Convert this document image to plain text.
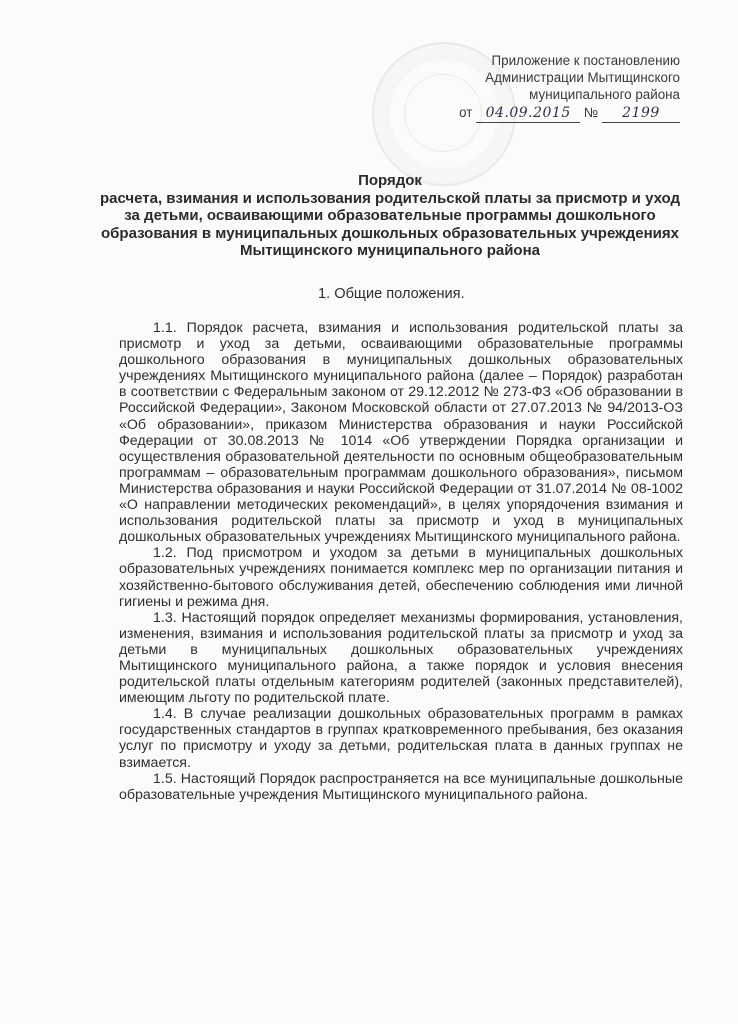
Приложение к постановлению
Администрации Мытищинского
муниципального района
от 04.09.2015 № 2199
Порядок
расчета, взимания и использования родительской платы за присмотр и уход
за детьми, осваивающими образовательные программы дошкольного
образования в муниципальных дошкольных образовательных учреждениях
Мытищинского муниципального района
1. Общие положения.

1.1. Порядок расчета, взимания и использования родительской платы за присмотр и уход за детьми, осваивающими образовательные программы дошкольного образования в муниципальных дошкольных образовательных учреждениях Мытищинского муниципального района (далее – Порядок) разработан в соответствии с Федеральным законом от 29.12.2012 № 273-ФЗ «Об образовании в Российской Федерации», Законом Московской области от 27.07.2013 № 94/2013-ОЗ «Об образовании», приказом Министерства образования и науки Российской Федерации от 30.08.2013 № 1014 «Об утверждении Порядка организации и осуществления образовательной деятельности по основным общеобразовательным программам – образовательным программам дошкольного образования», письмом Министерства образования и науки Российской Федерации от 31.07.2014 № 08-1002 «О направлении методических рекомендаций», в целях упорядочения взимания и использования родительской платы за присмотр и уход в муниципальных дошкольных образовательных учреждениях Мытищинского муниципального района.

1.2. Под присмотром и уходом за детьми в муниципальных дошкольных образовательных учреждениях понимается комплекс мер по организации питания и хозяйственно-бытового обслуживания детей, обеспечению соблюдения ими личной гигиены и режима дня.

1.3. Настоящий порядок определяет механизмы формирования, установления, изменения, взимания и использования родительской платы за присмотр и уход за детьми в муниципальных дошкольных образовательных учреждениях Мытищинского муниципального района, а также порядок и условия внесения родительской платы отдельным категориям родителей (законных представителей), имеющим льготу по родительской плате.

1.4. В случае реализации дошкольных образовательных программ в рамках государственных стандартов в группах кратковременного пребывания, без оказания услуг по присмотру и уходу за детьми, родительская плата в данных группах не взимается.

1.5. Настоящий Порядок распространяется на все муниципальные дошкольные образовательные учреждения Мытищинского муниципального района.
